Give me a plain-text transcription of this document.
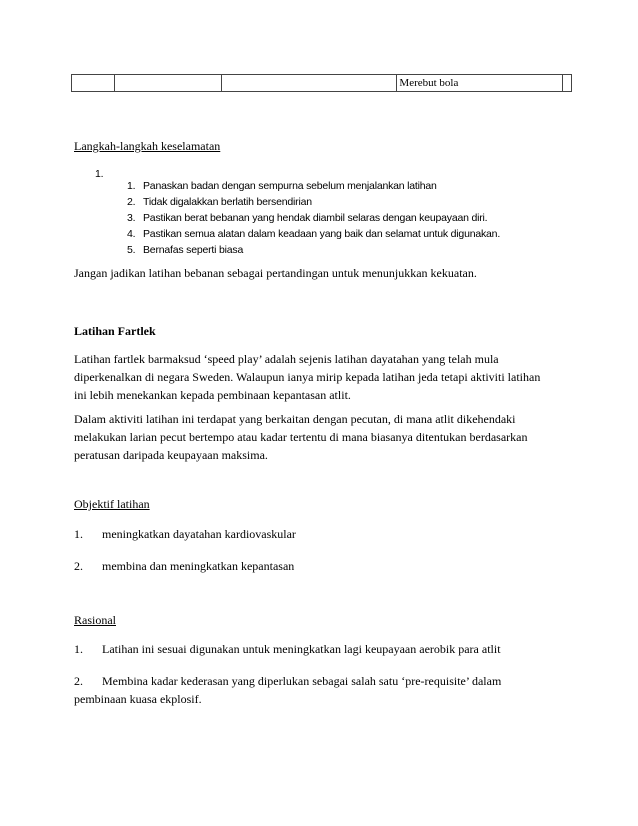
			Merebut bola	
Langkah-langkah keselamatan
1.
1. Panaskan badan dengan sempurna sebelum menjalankan latihan
2. Tidak digalakkan berlatih bersendirian
3. Pastikan berat bebanan yang hendak diambil selaras dengan keupayaan diri.
4. Pastikan semua alatan dalam keadaan yang baik dan selamat untuk digunakan.
5. Bernafas seperti biasa
Jangan jadikan latihan bebanan sebagai pertandingan untuk menunjukkan kekuatan.
Latihan Fartlek
Latihan fartlek barmaksud ‘speed play’ adalah sejenis latihan dayatahan yang telah mula
diperkenalkan di negara Sweden. Walaupun ianya mirip kepada latihan jeda tetapi aktiviti latihan
ini lebih menekankan kepada pembinaan kepantasan atlit.
Dalam aktiviti latihan ini terdapat yang berkaitan dengan pecutan, di mana atlit dikehendaki
melakukan larian pecut bertempo atau kadar tertentu di mana biasanya ditentukan berdasarkan
peratusan daripada keupayaan maksima.
Objektif latihan
1. meningkatkan dayatahan kardiovaskular
2. membina dan meningkatkan kepantasan
Rasional
1. Latihan ini sesuai digunakan untuk meningkatkan lagi keupayaan aerobik para atlit
2. Membina kadar kederasan yang diperlukan sebagai salah satu ‘pre-requisite’ dalam
pembinaan kuasa ekplosif.
